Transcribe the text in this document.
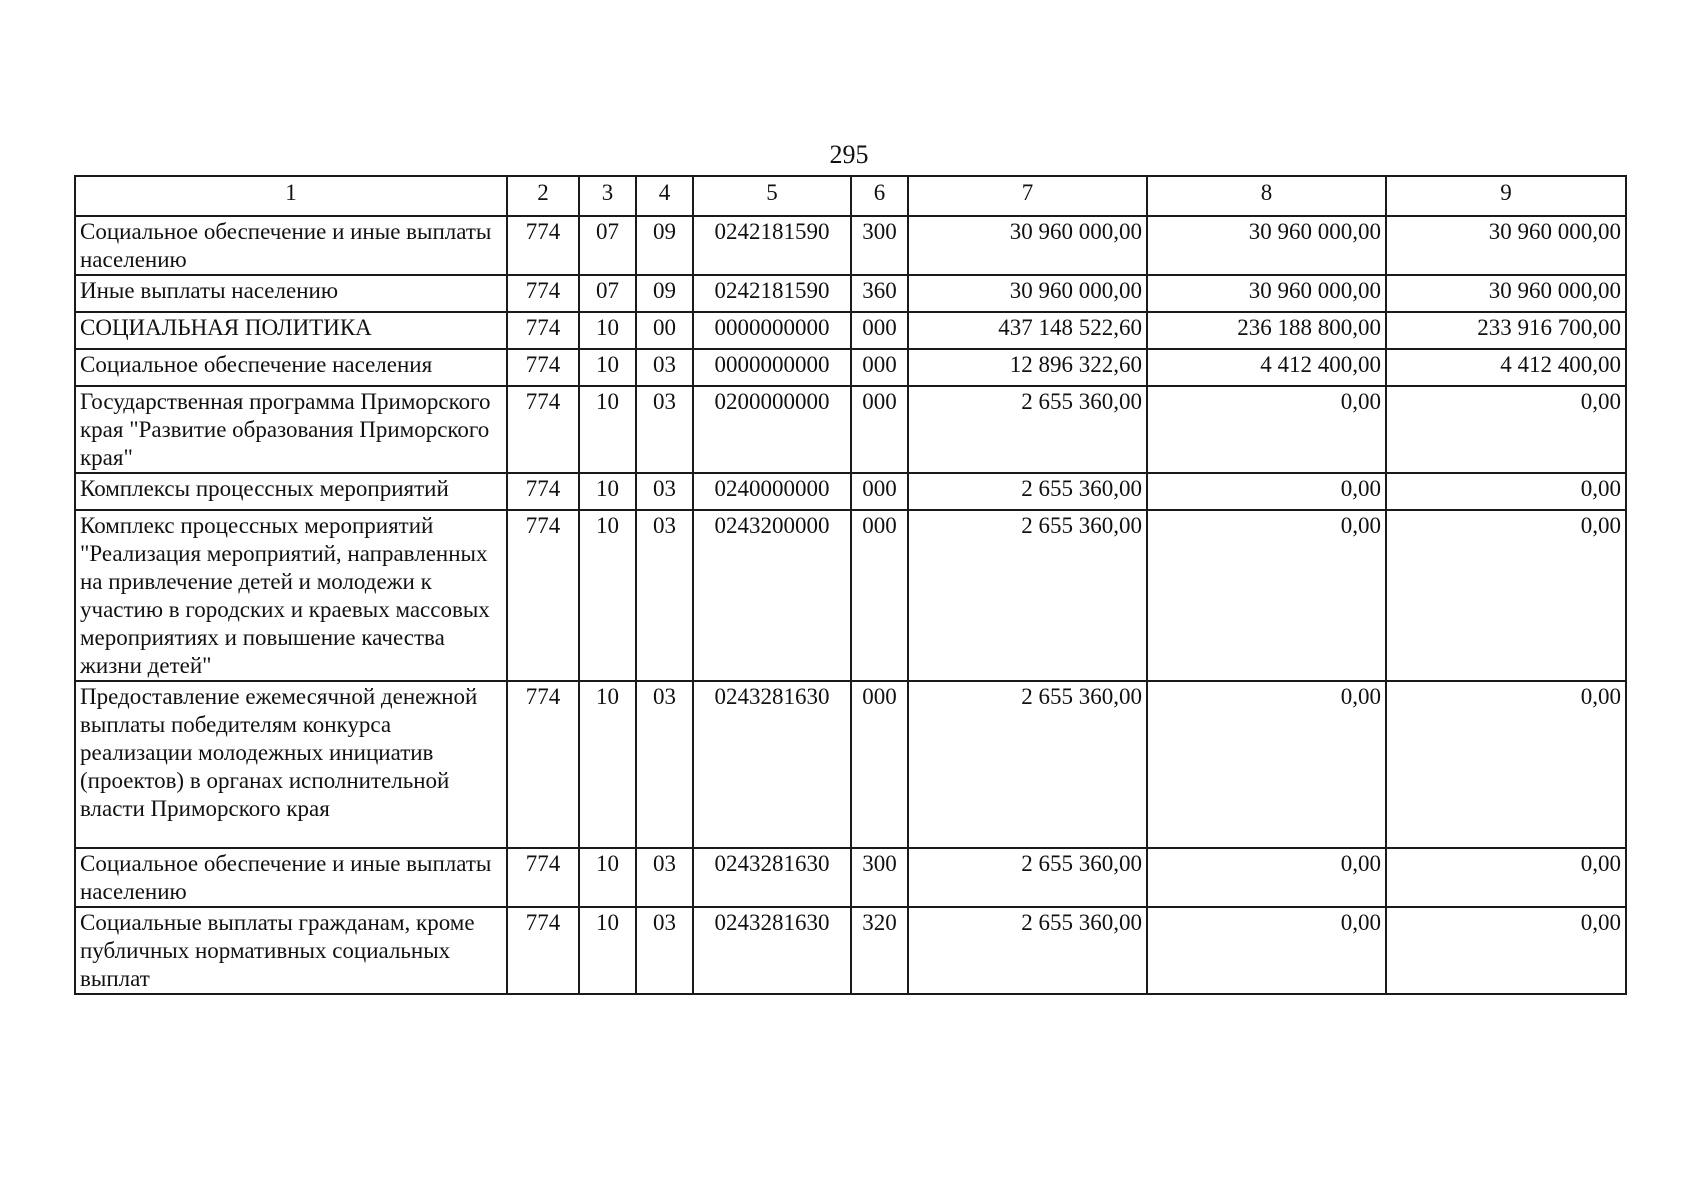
295
1	2	3	4	5	6	7	8	9
Социальное обеспечение и иные выплаты населению	774	07	09	0242181590	300	30 960 000,00	30 960 000,00	30 960 000,00
Иные выплаты населению	774	07	09	0242181590	360	30 960 000,00	30 960 000,00	30 960 000,00
СОЦИАЛЬНАЯ ПОЛИТИКА	774	10	00	0000000000	000	437 148 522,60	236 188 800,00	233 916 700,00
Социальное обеспечение населения	774	10	03	0000000000	000	12 896 322,60	4 412 400,00	4 412 400,00
Государственная программа Приморского края "Развитие образования Приморского края"	774	10	03	0200000000	000	2 655 360,00	0,00	0,00
Комплексы процессных мероприятий	774	10	03	0240000000	000	2 655 360,00	0,00	0,00
Комплекс процессных мероприятий "Реализация мероприятий, направленных на привлечение детей и молодежи к участию в городских и краевых массовых мероприятиях и повышение качества жизни детей"	774	10	03	0243200000	000	2 655 360,00	0,00	0,00
Предоставление ежемесячной денежной выплаты победителям конкурса реализации молодежных инициатив (проектов) в органах исполнительной власти Приморского края	774	10	03	0243281630	000	2 655 360,00	0,00	0,00
Социальное обеспечение и иные выплаты населению	774	10	03	0243281630	300	2 655 360,00	0,00	0,00
Социальные выплаты гражданам, кроме публичных нормативных социальных выплат	774	10	03	0243281630	320	2 655 360,00	0,00	0,00
